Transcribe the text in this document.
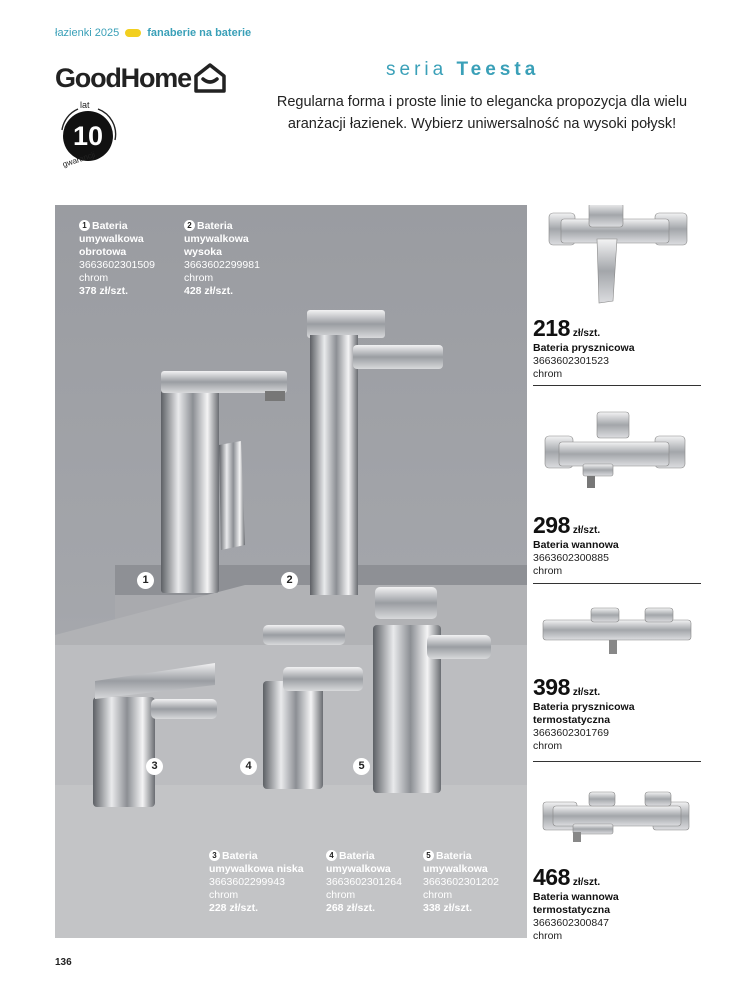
łazienki 2025	fanaberie na baterie
GoodHome
lat
10
gwarancji
seria Teesta

Regularna forma i proste linie to elegancka propozycja dla wielu aranżacji łazienek. Wybierz uniwersalność na wysoki połysk!

1 Bateria
umywalkowa
obrotowa
3663602301509
chrom
378 zł/szt.
2 Bateria
umywalkowa
wysoka
3663602299981
chrom
428 zł/szt.
1	2
3	4	5
3 Bateria
umywalkowa niska
3663602299943
chrom
228 zł/szt.
4 Bateria
umywalkowa
3663602301264
chrom
268 zł/szt.
5 Bateria
umywalkowa
3663602301202
chrom
338 zł/szt.
218 zł/szt.
Bateria prysznicowa
3663602301523
chrom
298 zł/szt.
Bateria wannowa
3663602300885
chrom
398 zł/szt.
Bateria prysznicowa
termostatyczna
3663602301769
chrom
468 zł/szt.
Bateria wannowa
termostatyczna
3663602300847
chrom
136
